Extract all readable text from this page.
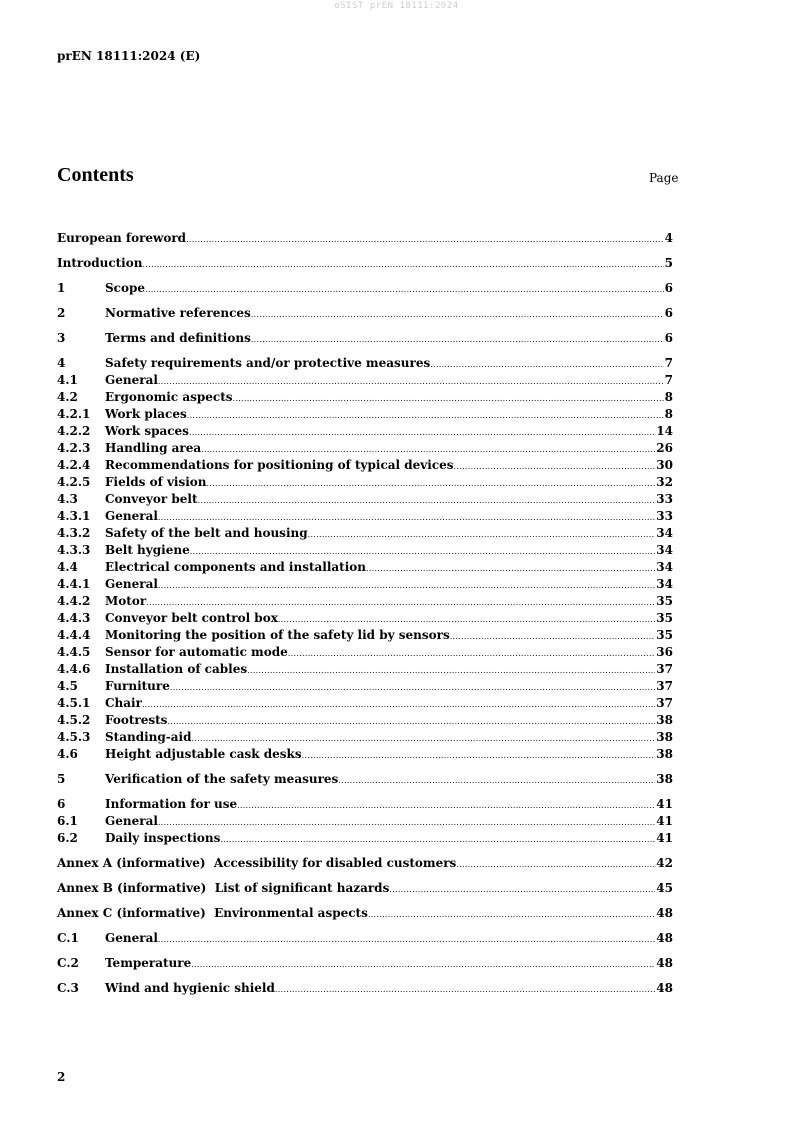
oSIST prEN 18111:2024
prEN 18111:2024 (E)
Contents	Page
European foreword .....	4
Introduction .....	5
1	Scope .....	6
2	Normative references .....	6
3	Terms and definitions .....	6
4	Safety requirements and/or protective measures .....	7
4.1	General .....	7
4.2	Ergonomic aspects .....	8
4.2.1	Work places .....	8
4.2.2	Work spaces .....	14
4.2.3	Handling area .....	26
4.2.4	Recommendations for positioning of typical devices .....	30
4.2.5	Fields of vision .....	32
4.3	Conveyor belt .....	33
4.3.1	General .....	33
4.3.2	Safety of the belt and housing .....	34
4.3.3	Belt hygiene .....	34
4.4	Electrical components and installation .....	34
4.4.1	General .....	34
4.4.2	Motor .....	35
4.4.3	Conveyor belt control box .....	35
4.4.4	Monitoring the position of the safety lid by sensors .....	35
4.4.5	Sensor for automatic mode .....	36
4.4.6	Installation of cables .....	37
4.5	Furniture .....	37
4.5.1	Chair .....	37
4.5.2	Footrests .....	38
4.5.3	Standing-aid .....	38
4.6	Height adjustable cask desks .....	38
5	Verification of the safety measures .....	38
6	Information for use .....	41
6.1	General .....	41
6.2	Daily inspections .....	41
Annex A (informative)  Accessibility for disabled customers .....	42
Annex B (informative)  List of significant hazards .....	45
Annex C (informative)  Environmental aspects .....	48
C.1	General .....	48
C.2	Temperature .....	48
C.3	Wind and hygienic shield .....	48
2
